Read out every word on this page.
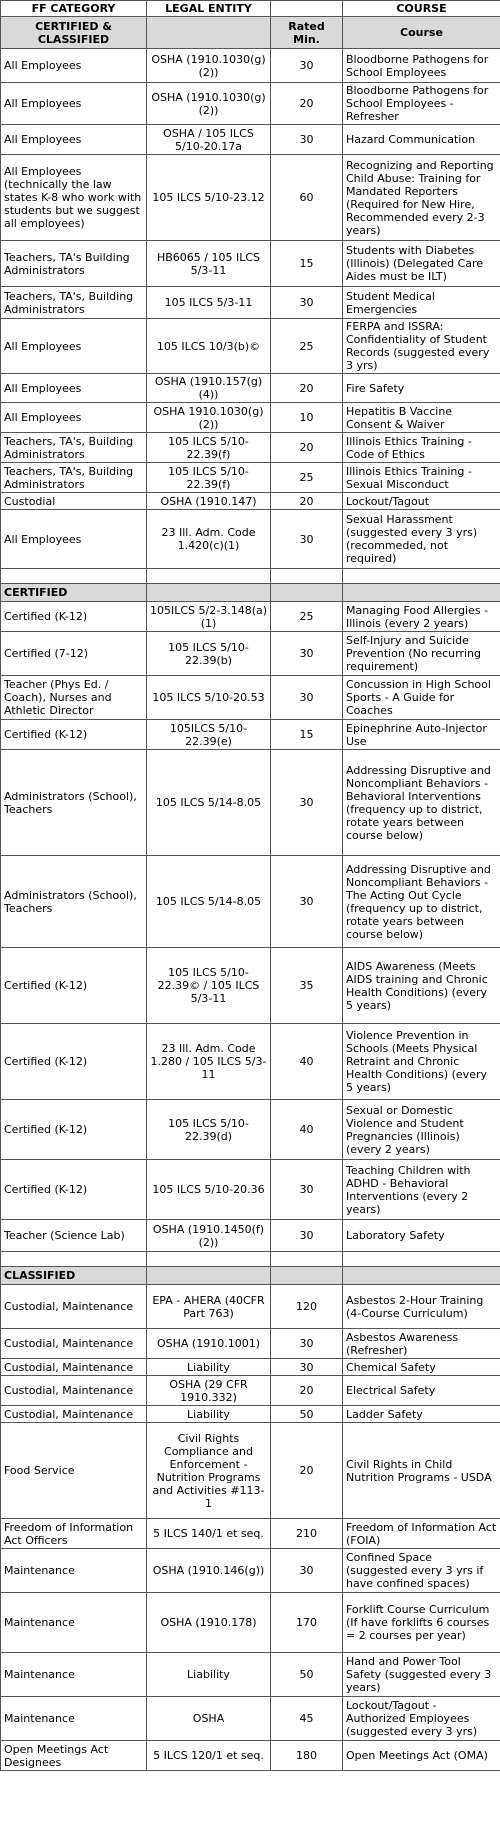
FF CATEGORY	LEGAL ENTITY		COURSE
CERTIFIED & CLASSIFIED		Rated Min.	Course
All Employees	OSHA (1910.1030(g)(2))	30	Bloodborne Pathogens for School Employees
All Employees	OSHA (1910.1030(g)(2))	20	Bloodborne Pathogens for School Employees - Refresher
All Employees	OSHA / 105 ILCS 5/10-20.17a	30	Hazard Communication
All Employees (technically the law states K-8 who work with students but we suggest all employees)	105 ILCS 5/10-23.12	60	Recognizing and Reporting Child Abuse: Training for Mandated Reporters (Required for New Hire, Recommended every 2-3 years)
Teachers, TA's Building Administrators	HB6065 / 105 ILCS 5/3-11	15	Students with Diabetes (Illinois) (Delegated Care Aides must be ILT)
Teachers, TA's, Building Administrators	105 ILCS 5/3-11	30	Student Medical Emergencies
All Employees	105 ILCS 10/3(b)©	25	FERPA and ISSRA: Confidentiality of Student Records (suggested every 3 yrs)
All Employees	OSHA (1910.157(g)(4))	20	Fire Safety
All Employees	OSHA 1910.1030(g)(2))	10	Hepatitis B Vaccine Consent & Waiver
Teachers, TA's, Building Administrators	105 ILCS 5/10-22.39(f)	20	Illinois Ethics Training - Code of Ethics
Teachers, TA's, Building Administrators	105 ILCS 5/10-22.39(f)	25	Illinois Ethics Training - Sexual Misconduct
Custodial	OSHA (1910.147)	20	Lockout/Tagout
All Employees	23 Ill. Adm. Code 1.420(c)(1)	30	Sexual Harassment (suggested every 3 yrs) (recommeded, not required)

CERTIFIED			
Certified (K-12)	105ILCS 5/2-3.148(a)(1)	25	Managing Food Allergies - Illinois (every 2 years)
Certified (7-12)	105 ILCS 5/10-22.39(b)	30	Self-Injury and Suicide Prevention (No recurring requirement)
Teacher (Phys Ed. / Coach), Nurses and Athletic Director	105 ILCS 5/10-20.53	30	Concussion in High School Sports - A Guide for Coaches
Certified (K-12)	105ILCS 5/10-22.39(e)	15	Epinephrine Auto-Injector Use
Administrators (School), Teachers	105 ILCS 5/14-8.05	30	Addressing Disruptive and Noncompliant Behaviors - Behavioral Interventions (frequency up to district, rotate years between course below)
Administrators (School), Teachers	105 ILCS 5/14-8.05	30	Addressing Disruptive and Noncompliant Behaviors - The Acting Out Cycle (frequency up to district, rotate years between course below)
Certified (K-12)	105 ILCS 5/10-22.39© / 105 ILCS 5/3-11	35	AIDS Awareness (Meets AIDS training and Chronic Health Conditions) (every 5 years)
Certified (K-12)	23 Ill. Adm. Code 1.280 / 105 ILCS 5/3-11	40	Violence Prevention in Schools (Meets Physical Retraint and Chronic Health Conditions) (every 5 years)
Certified (K-12)	105 ILCS 5/10-22.39(d)	40	Sexual or Domestic Violence and Student Pregnancies (Illinois) (every 2 years)
Certified (K-12)	105 ILCS 5/10-20.36	30	Teaching Children with ADHD - Behavioral Interventions (every 2 years)
Teacher (Science Lab)	OSHA (1910.1450(f)(2))	30	Laboratory Safety

CLASSIFIED			
Custodial, Maintenance	EPA - AHERA (40CFR Part 763)	120	Asbestos 2-Hour Training (4-Course Curriculum)
Custodial, Maintenance	OSHA (1910.1001)	30	Asbestos Awareness (Refresher)
Custodial, Maintenance	Liability	30	Chemical Safety
Custodial, Maintenance	OSHA (29 CFR 1910.332)	20	Electrical Safety
Custodial, Maintenance	Liability	50	Ladder Safety
Food Service	Civil Rights Compliance and Enforcement - Nutrition Programs and Activities #113-1	20	Civil Rights in Child Nutrition Programs - USDA
Freedom of Information Act Officers	5 ILCS 140/1 et seq.	210	Freedom of Information Act (FOIA)
Maintenance	OSHA (1910.146(g))	30	Confined Space (suggested every 3 yrs if have confined spaces)
Maintenance	OSHA (1910.178)	170	Forklift Course Curriculum (If have forklifts 6 courses = 2 courses per year)
Maintenance	Liability	50	Hand and Power Tool Safety (suggested every 3 years)
Maintenance	OSHA	45	Lockout/Tagout - Authorized Employees (suggested every 3 yrs)
Open Meetings Act Designees	5 ILCS 120/1 et seq.	180	Open Meetings Act (OMA)
